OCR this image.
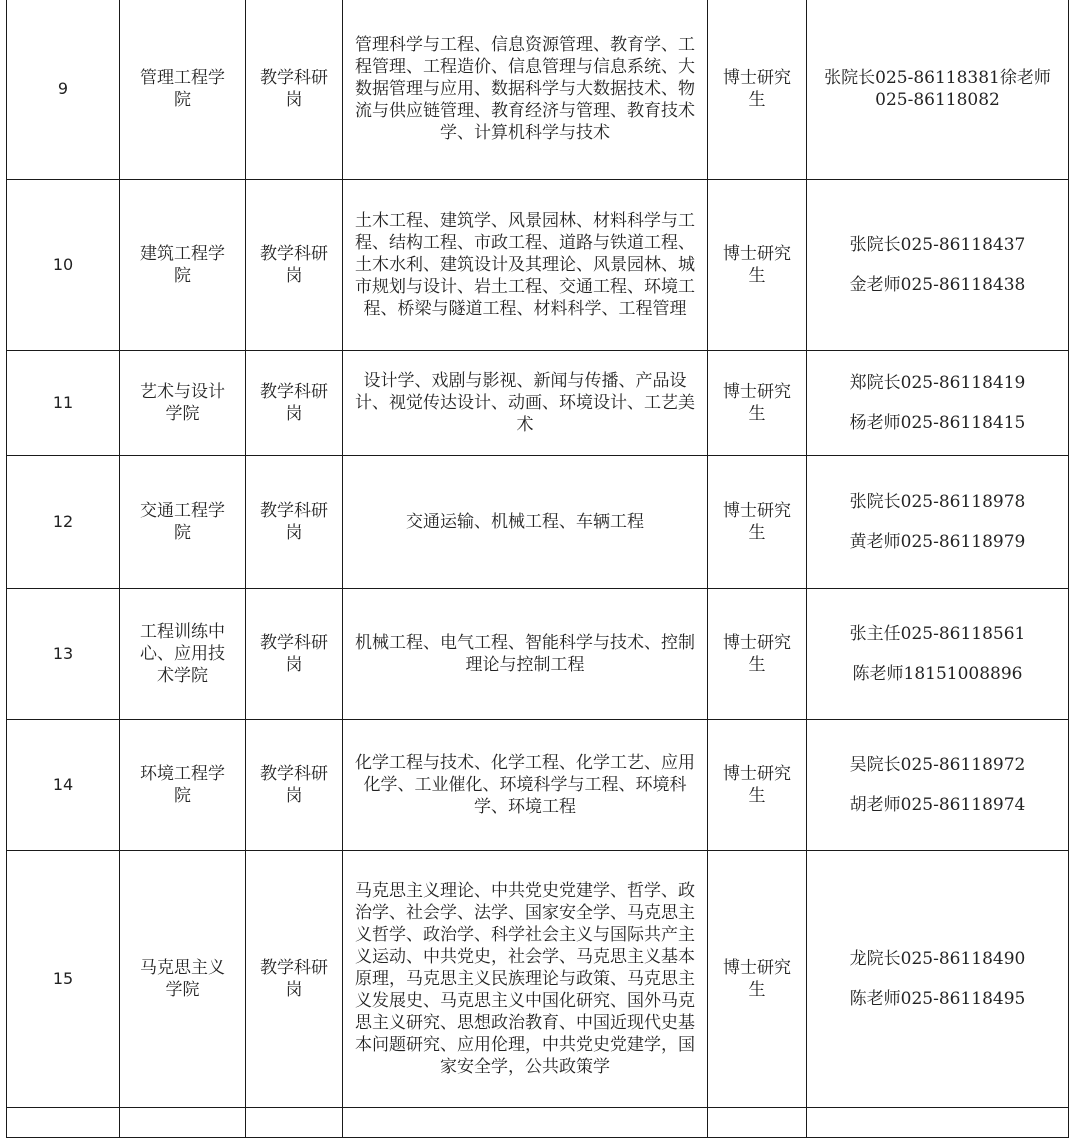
9	管理工程学院	教学科研岗	管理科学与工程、信息资源管理、教育学、工程管理、工程造价、信息管理与信息系统、大数据管理与应用、数据科学与大数据技术、物流与供应链管理、教育经济与管理、教育技术学、计算机科学与技术	博士研究生	张院长025-86118381徐老师
025-86118082

10	建筑工程学院	教学科研岗	土木工程、建筑学、风景园林、材料科学与工程、结构工程、市政工程、道路与铁道工程、土木水利、建筑设计及其理论、风景园林、城市规划与设计、岩土工程、交通工程、环境工程、桥梁与隧道工程、材料科学、工程管理	博士研究生	张院长025-86118437
金老师025-86118438

11	艺术与设计学院	教学科研岗	设计学、戏剧与影视、新闻与传播、产品设计、视觉传达设计、动画、环境设计、工艺美术	博士研究生	郑院长025-86118419
杨老师025-86118415

12	交通工程学院	教学科研岗	交通运输、机械工程、车辆工程	博士研究生	张院长025-86118978
黄老师025-86118979

13	工程训练中心、应用技术学院	教学科研岗	机械工程、电气工程、智能科学与技术、控制理论与控制工程	博士研究生	张主任025-86118561
陈老师18151008896

14	环境工程学院	教学科研岗	化学工程与技术、化学工程、化学工艺、应用化学、工业催化、环境科学与工程、环境科学、环境工程	博士研究生	吴院长025-86118972
胡老师025-86118974

15	马克思主义学院	教学科研岗	马克思主义理论、中共党史党建学、哲学、政治学、社会学、法学、国家安全学、马克思主义哲学、政治学、科学社会主义与国际共产主义运动、中共党史，社会学、马克思主义基本原理，马克思主义民族理论与政策、马克思主义发展史、马克思主义中国化研究、国外马克思主义研究、思想政治教育、中国近现代史基本问题研究、应用伦理，中共党史党建学，国家安全学，公共政策学	博士研究生	龙院长025-86118490
陈老师025-86118495
